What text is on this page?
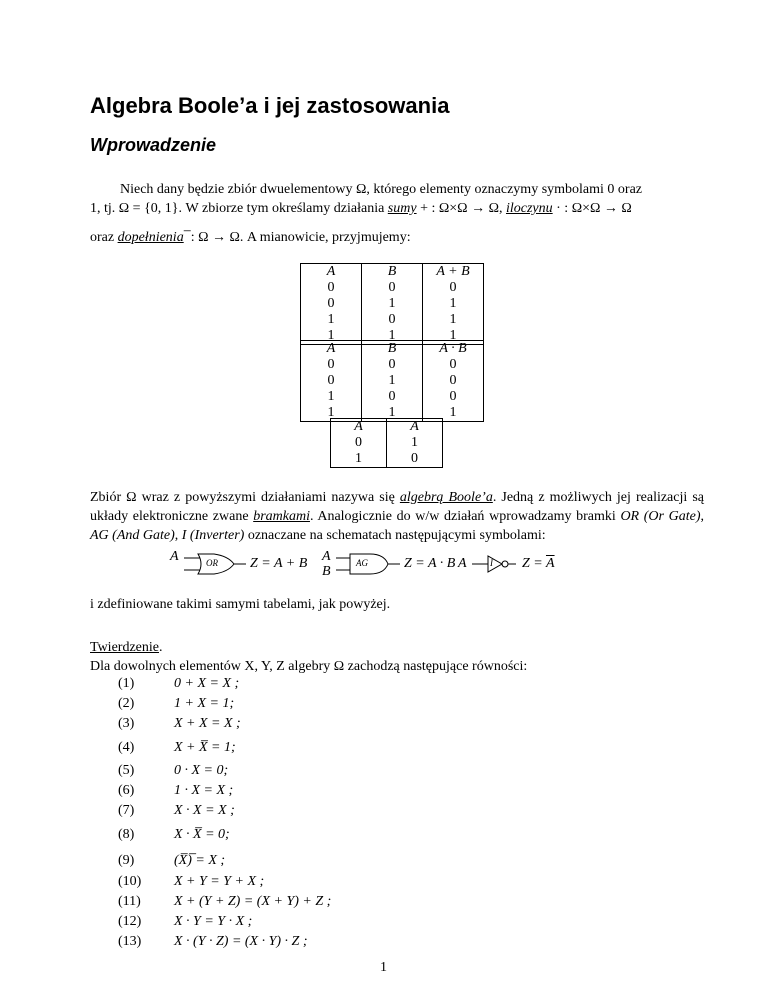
Algebra Boole’a i jej zastosowania
Wprowadzenie
Niech dany będzie zbiór dwuelementowy Ω, którego elementy oznaczymy symbolami 0 oraz
1, tj. Ω = {0, 1}. W zbiorze tym określamy działania sumy + : Ω×Ω → Ω, iloczynu · : Ω×Ω → Ω
oraz dopełnienia ̅ : Ω → Ω. A mianowicie, przyjmujemy:
A	B	A + B
0	0	0
0	1	1
1	0	1
1	1	1
A	B	A · B
0	0	0
0	1	0
1	0	0
1	1	1
A	$\overline{A}$
0	1
1	0
Zbiór Ω wraz z powyższymi działaniami nazywa się algebrą Boole’a. Jedną z możliwych jej realizacji są układy elektroniczne zwane bramkami. Analogicznie do w/w działań wprowadzamy bramki OR (Or Gate), AG (And Gate), I (Inverter) oznaczane na schematach następującymi symbolami:
A	OR Z = A + B A
B
AG	Z = A · B A	I $Z = \overline{A}$
i zdefiniowane takimi samymi tabelami, jak powyżej.
Twierdzenie.
Dla dowolnych elementów X, Y, Z algebry Ω zachodzą następujące równości:
(1)	0 + X = X ;
(2)	1 + X = 1;
(3)	X + X = X ;
(4)	X + X̅ = 1;
(5)	0 · X = 0;
(6)	1 · X = X ;
(7)	X · X = X ;
(8)	X · X̅ = 0;
(9)	(X̅)̅ = X ;
(10) X + Y = Y + X ;
(11) X + (Y + Z) = (X + Y) + Z ;
(12) X · Y = Y · X ;
(13) X · (Y · Z) = (X · Y) · Z ;
1
